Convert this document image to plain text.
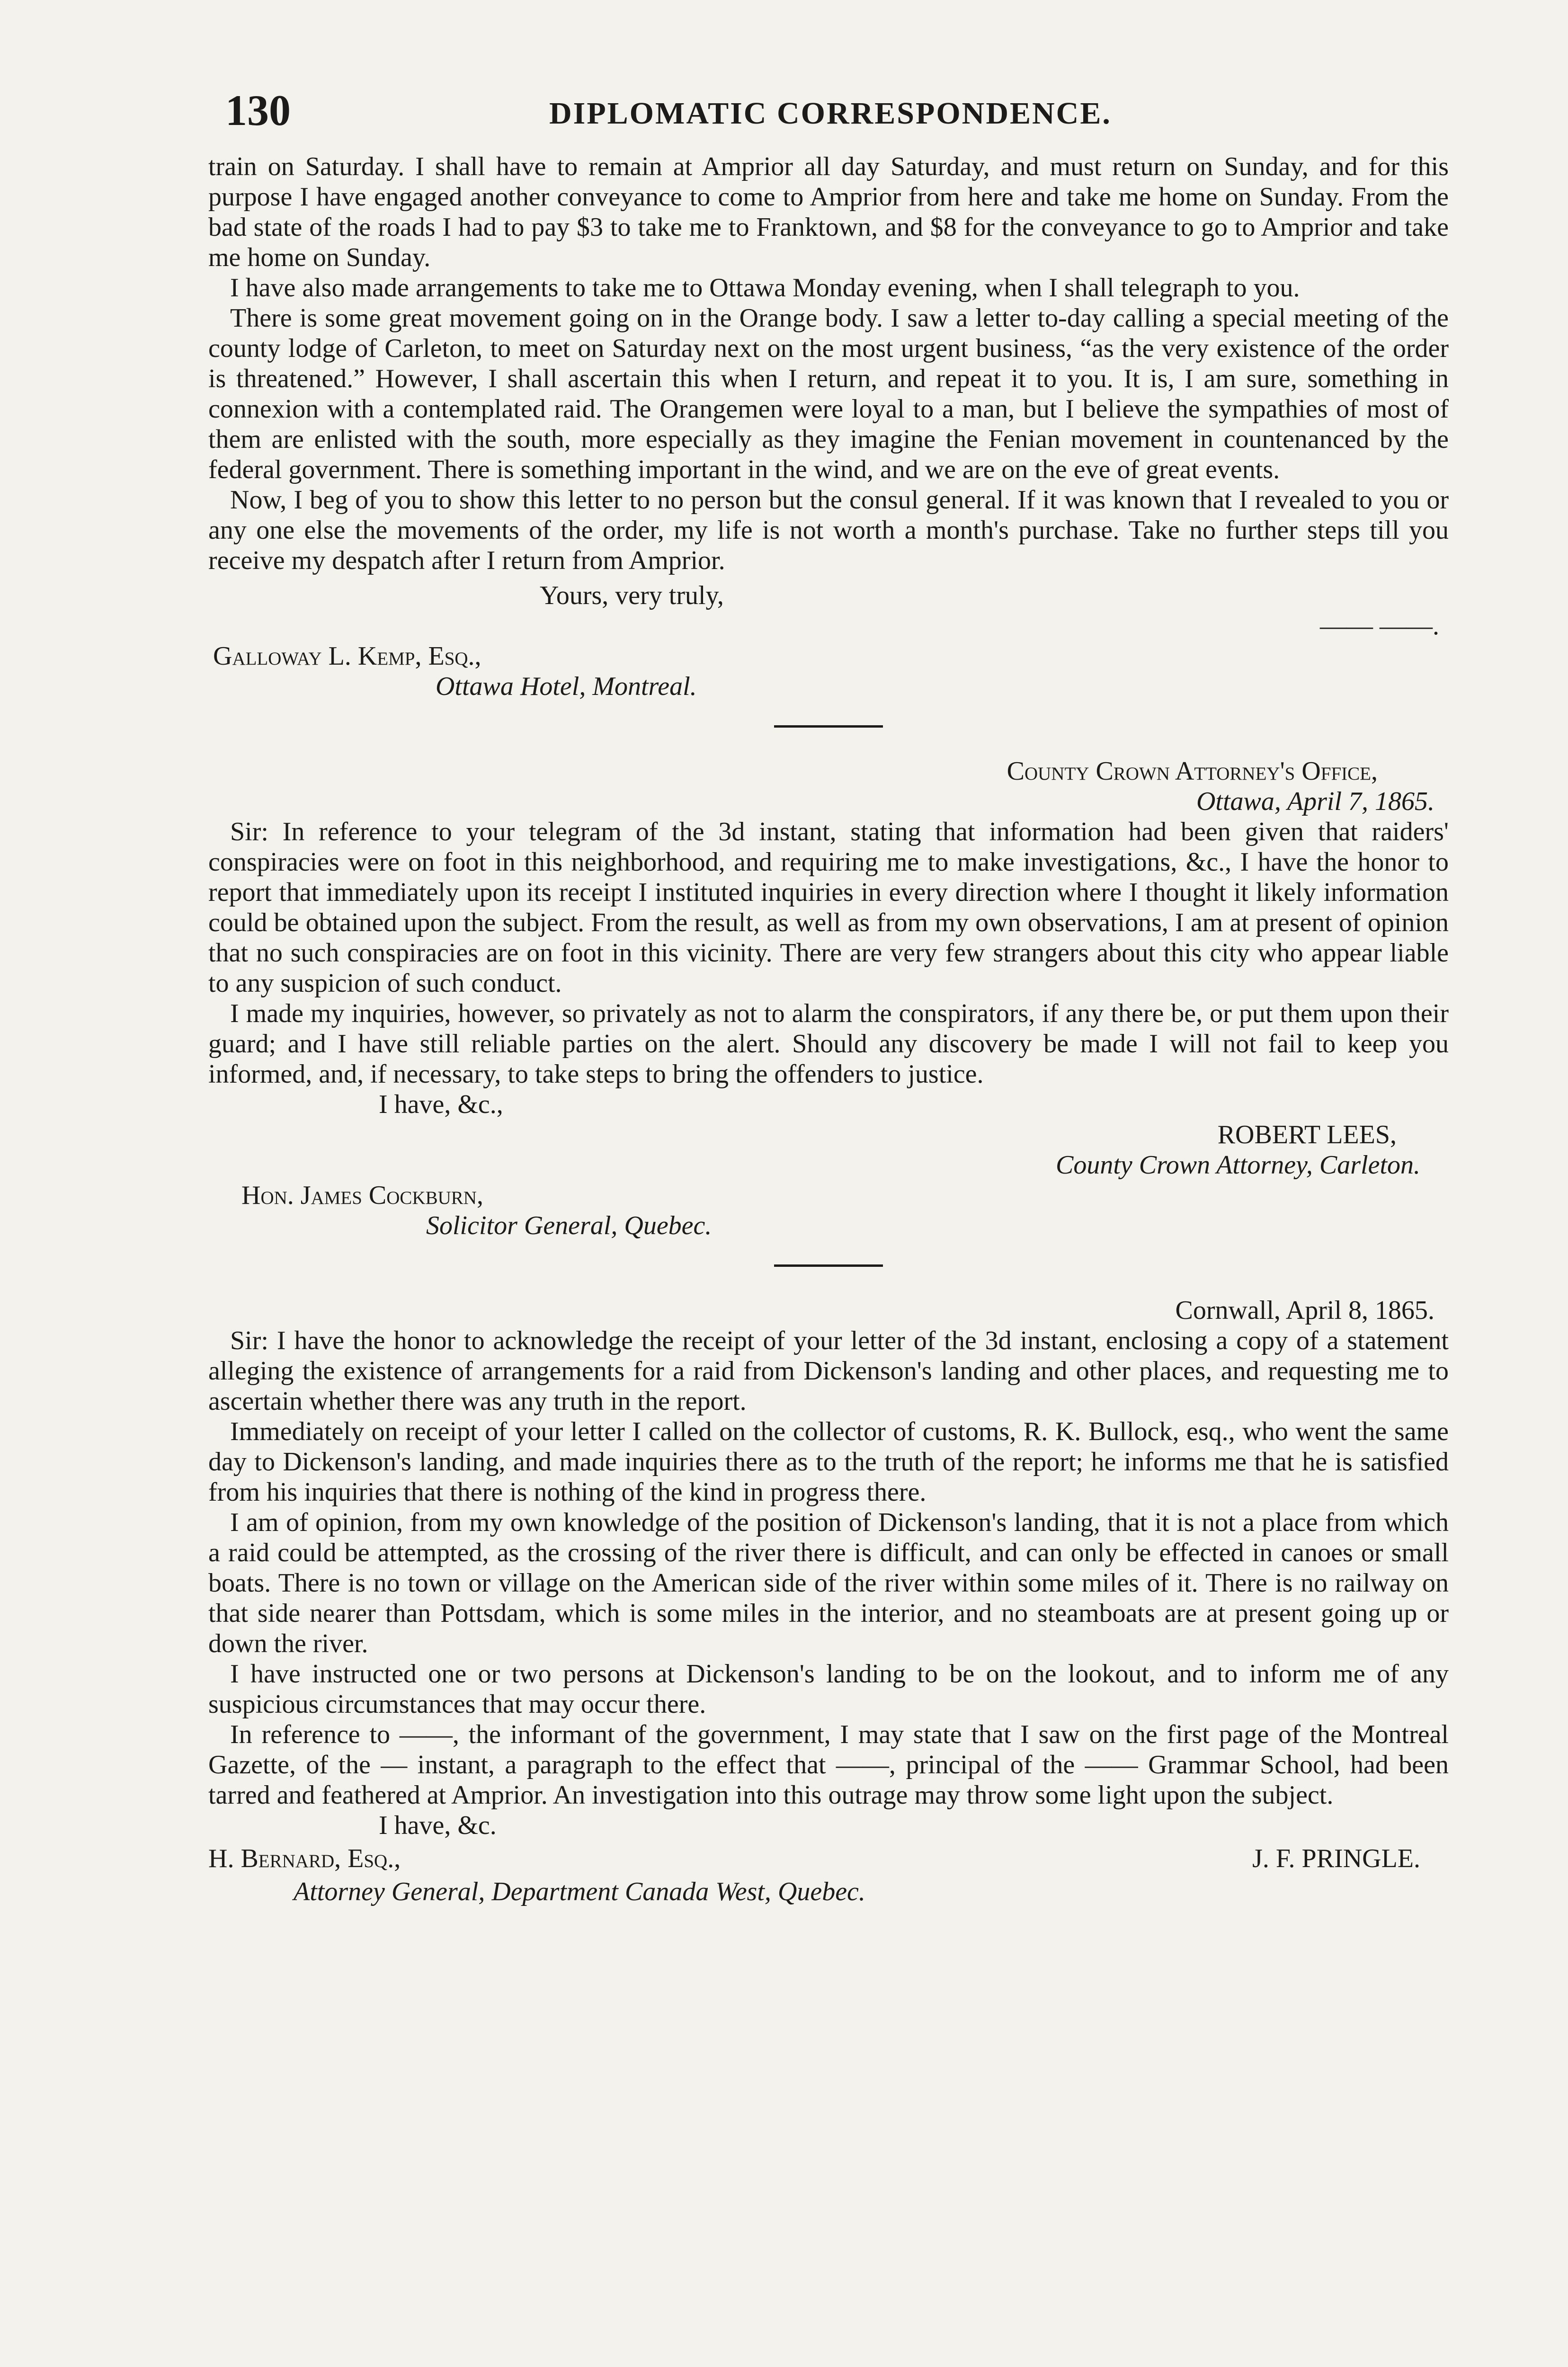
130	DIPLOMATIC CORRESPONDENCE.

train on Saturday. I shall have to remain at Amprior all day Saturday, and must return on Sunday, and for this purpose I have engaged another conveyance to come to Amprior from here and take me home on Sunday. From the bad state of the roads I had to pay $3 to take me to Franktown, and $8 for the conveyance to go to Amprior and take me home on Sunday.

I have also made arrangements to take me to Ottawa Monday evening, when I shall telegraph to you.

There is some great movement going on in the Orange body. I saw a letter to-day calling a special meeting of the county lodge of Carleton, to meet on Saturday next on the most urgent business, “as the very existence of the order is threatened.” However, I shall ascertain this when I return, and repeat it to you. It is, I am sure, something in connexion with a contemplated raid. The Orangemen were loyal to a man, but I believe the sympathies of most of them are enlisted with the south, more especially as they imagine the Fenian movement in countenanced by the federal government. There is something important in the wind, and we are on the eve of great events.

Now, I beg of you to show this letter to no person but the consul general. If it was known that I revealed to you or any one else the movements of the order, my life is not worth a month's purchase. Take no further steps till you receive my despatch after I return from Amprior.

Yours, very truly,
—— ——.
Galloway L. Kemp, Esq.,
Ottawa Hotel, Montreal.
County Crown Attorney's Office,
Ottawa, April 7, 1865.

Sir: In reference to your telegram of the 3d instant, stating that information had been given that raiders' conspiracies were on foot in this neighborhood, and requiring me to make investigations, &c., I have the honor to report that immediately upon its receipt I instituted inquiries in every direction where I thought it likely information could be obtained upon the subject. From the result, as well as from my own observations, I am at present of opinion that no such conspiracies are on foot in this vicinity. There are very few strangers about this city who appear liable to any suspicion of such conduct.

I made my inquiries, however, so privately as not to alarm the conspirators, if any there be, or put them upon their guard; and I have still reliable parties on the alert. Should any discovery be made I will not fail to keep you informed, and, if necessary, to take steps to bring the offenders to justice.

I have, &c.,
ROBERT LEES,
County Crown Attorney, Carleton.
Hon. James Cockburn,
Solicitor General, Quebec.
Cornwall, April 8, 1865.

Sir: I have the honor to acknowledge the receipt of your letter of the 3d instant, enclosing a copy of a statement alleging the existence of arrangements for a raid from Dickenson's landing and other places, and requesting me to ascertain whether there was any truth in the report.

Immediately on receipt of your letter I called on the collector of customs, R. K. Bullock, esq., who went the same day to Dickenson's landing, and made inquiries there as to the truth of the report; he informs me that he is satisfied from his inquiries that there is nothing of the kind in progress there.

I am of opinion, from my own knowledge of the position of Dickenson's landing, that it is not a place from which a raid could be attempted, as the crossing of the river there is difficult, and can only be effected in canoes or small boats. There is no town or village on the American side of the river within some miles of it. There is no railway on that side nearer than Pottsdam, which is some miles in the interior, and no steamboats are at present going up or down the river.

I have instructed one or two persons at Dickenson's landing to be on the lookout, and to inform me of any suspicious circumstances that may occur there.

In reference to ——, the informant of the government, I may state that I saw on the first page of the Montreal Gazette, of the — instant, a paragraph to the effect that ——, principal of the —— Grammar School, had been tarred and feathered at Amprior. An investigation into this outrage may throw some light upon the subject.

I have, &c.
H. Bernard, Esq.,	J. F. PRINGLE.
Attorney General, Department Canada West, Quebec.
